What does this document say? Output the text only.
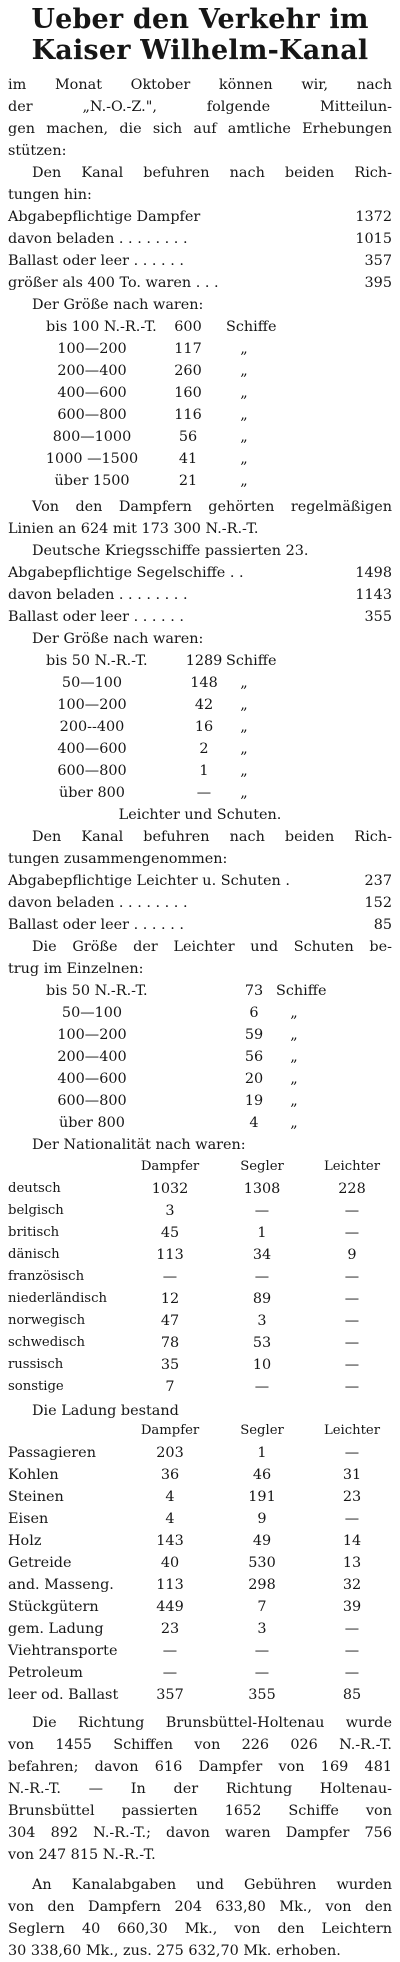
Ueber den Verkehr im
Kaiser Wilhelm-Kanal
im Monat Oktober können wir, nach
der „N.-O.-Z.", folgende Mitteilun-
gen machen, die sich auf amtliche Erhebungen
stützen:
Den Kanal befuhren nach beiden Rich-
tungen hin:
Abgabepflichtige Dampfer	1372
davon beladen . . . . . . . .	1015
Ballast oder leer . . . . . .	357
größer als 400 To. waren . . .	395
Der Größe nach waren:
bis 100 N.-R.-T. 600 Schiffe
100—200	117	„
200—400	260	„
400—600	160	„
600—800	116	„
800—1000	56	„
1000 —1500	41	„
über 1500	21	„
Von den Dampfern gehörten regelmäßigen
Linien an 624 mit 173 300 N.-R.-T.
Deutsche Kriegsschiffe passierten 23.
Abgabepflichtige Segelschiffe . .	1498
davon beladen . . . . . . . .	1143
Ballast oder leer . . . . . .	355
Der Größe nach waren:
bis 50 N.-R.-T.	1289 Schiffe
50—100	148 „
100—200	42 „
200--400	16 „
400—600	2 „
600—800	1 „
über 800	— „
Leichter und Schuten.
Den Kanal befuhren nach beiden Rich-
tungen zusammengenommen:
Abgabepflichtige Leichter u. Schuten .	237
davon beladen . . . . . . . .	152
Ballast oder leer . . . . . .	85
Die Größe der Leichter und Schuten be-
trug im Einzelnen:
bis 50 N.-R.-T.	73 Schiffe
50—100	6 „
100—200	59 „
200—400	56 „
400—600	20 „
600—800	19 „
über 800	4 „
Der Nationalität nach waren:
Dampfer	Segler	Leichter
deutsch	1032	1308	228
belgisch	3	—	—
britisch	45	1	—
dänisch	113	34	9
französisch	—	—	—
niederländisch	12	89	—
norwegisch	47	3	—
schwedisch	78	53	—
russisch	35	10	—
sonstige	7	—	—
Die Ladung bestand
Dampfer	Segler	Leichter
Passagieren	203	1	—
Kohlen	36	46	31
Steinen	4	191	23
Eisen	4	9	—
Holz	143	49	14
Getreide	40	530	13
and. Masseng.	113	298	32
Stückgütern	449	7	39
gem. Ladung	23	3	—
Viehtransporte	—	—	—
Petroleum	—	—	—
leer od. Ballast	357	355	85
Die Richtung Brunsbüttel-Holtenau wurde
von 1455 Schiffen von 226 026 N.-R.-T.
befahren; davon 616 Dampfer von 169 481
N.-R.-T. — In der Richtung Holtenau-
Brunsbüttel passierten 1652 Schiffe von
304 892 N.-R.-T.; davon waren Dampfer 756
von 247 815 N.-R.-T.
An Kanalabgaben und Gebühren wurden
von den Dampfern 204 633,80 Mk., von den
Seglern 40 660,30 Mk., von den Leichtern
30 338,60 Mk., zus. 275 632,70 Mk. erhoben.
